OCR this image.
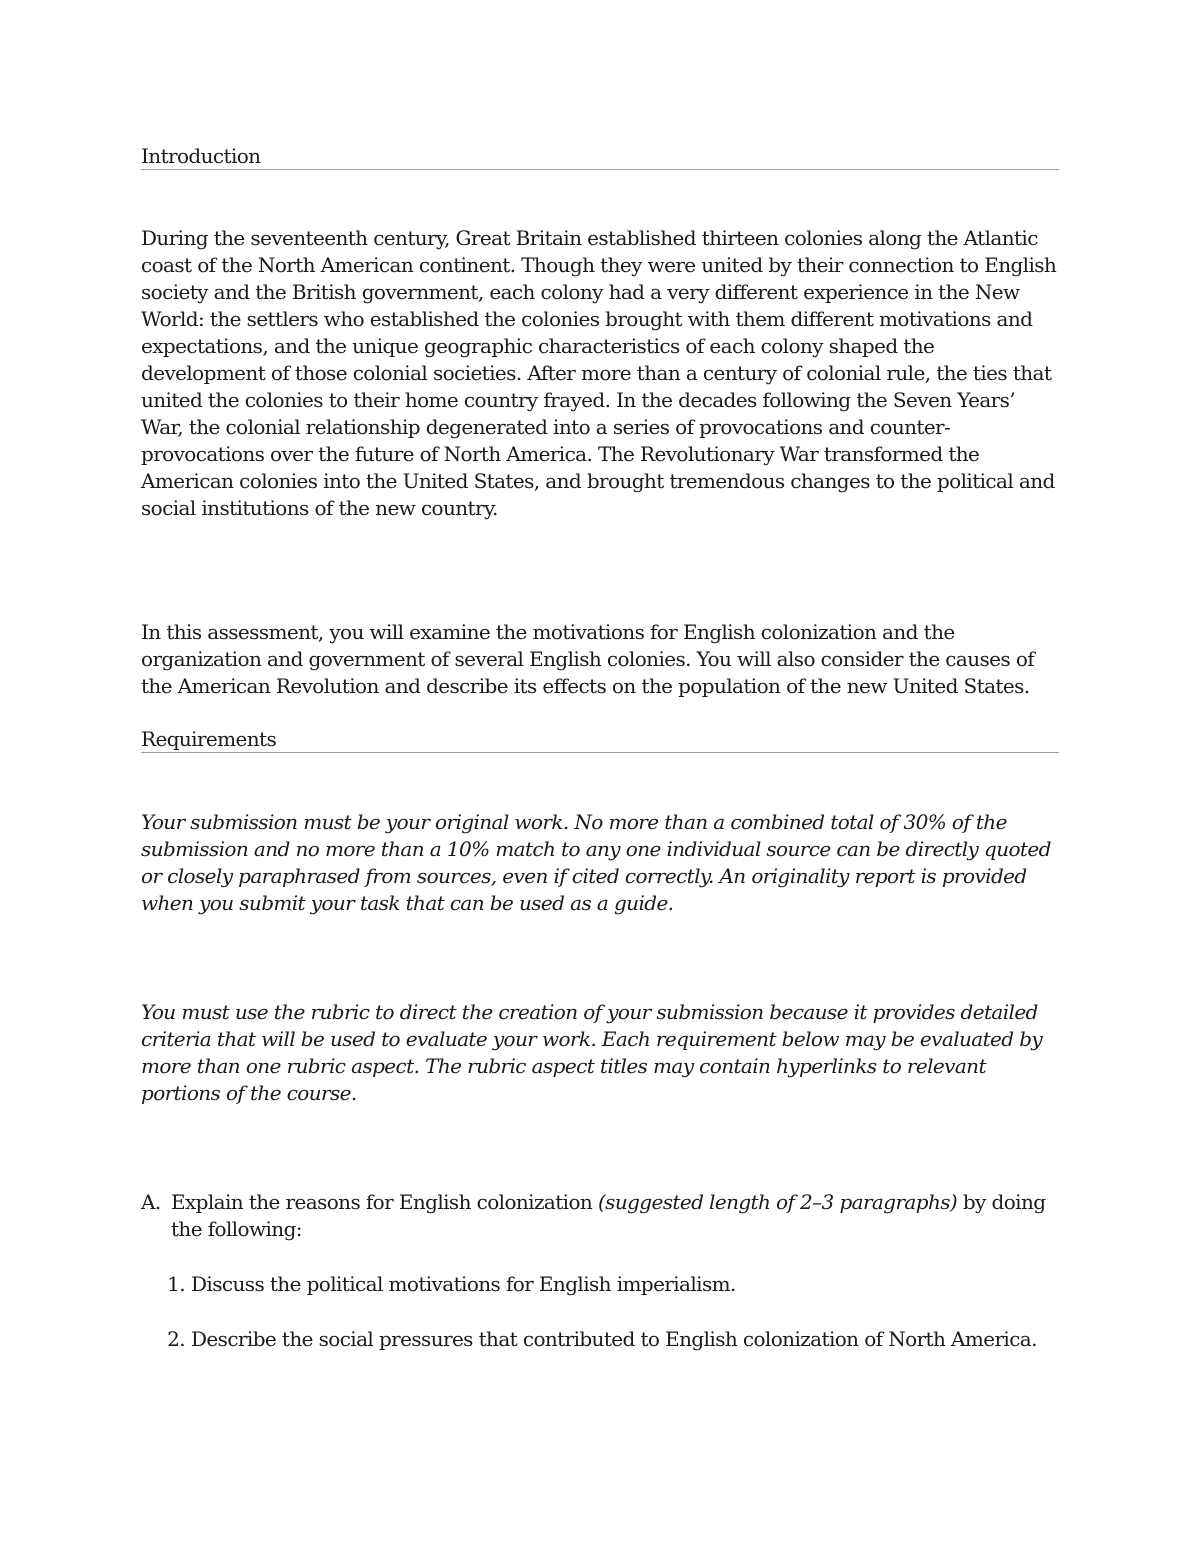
Introduction

During the seventeenth century, Great Britain established thirteen colonies along the Atlantic coast of the North American continent. Though they were united by their connection to English society and the British government, each colony had a very different experience in the New World: the settlers who established the colonies brought with them different motivations and expectations, and the unique geographic characteristics of each colony shaped the development of those colonial societies. After more than a century of colonial rule, the ties that united the colonies to their home country frayed. In the decades following the Seven Years’ War, the colonial relationship degenerated into a series of provocations and counter-provocations over the future of North America. The Revolutionary War transformed the American colonies into the United States, and brought tremendous changes to the political and social institutions of the new country.

In this assessment, you will examine the motivations for English colonization and the organization and government of several English colonies. You will also consider the causes of the American Revolution and describe its effects on the population of the new United States.

Requirements

Your submission must be your original work. No more than a combined total of 30% of the submission and no more than a 10% match to any one individual source can be directly quoted or closely paraphrased from sources, even if cited correctly. An originality report is provided when you submit your task that can be used as a guide.

You must use the rubric to direct the creation of your submission because it provides detailed criteria that will be used to evaluate your work. Each requirement below may be evaluated by more than one rubric aspect. The rubric aspect titles may contain hyperlinks to relevant portions of the course.

A. Explain the reasons for English colonization (suggested length of 2–3 paragraphs) by doing the following:
1. Discuss the political motivations for English imperialism.
2. Describe the social pressures that contributed to English colonization of North America.
